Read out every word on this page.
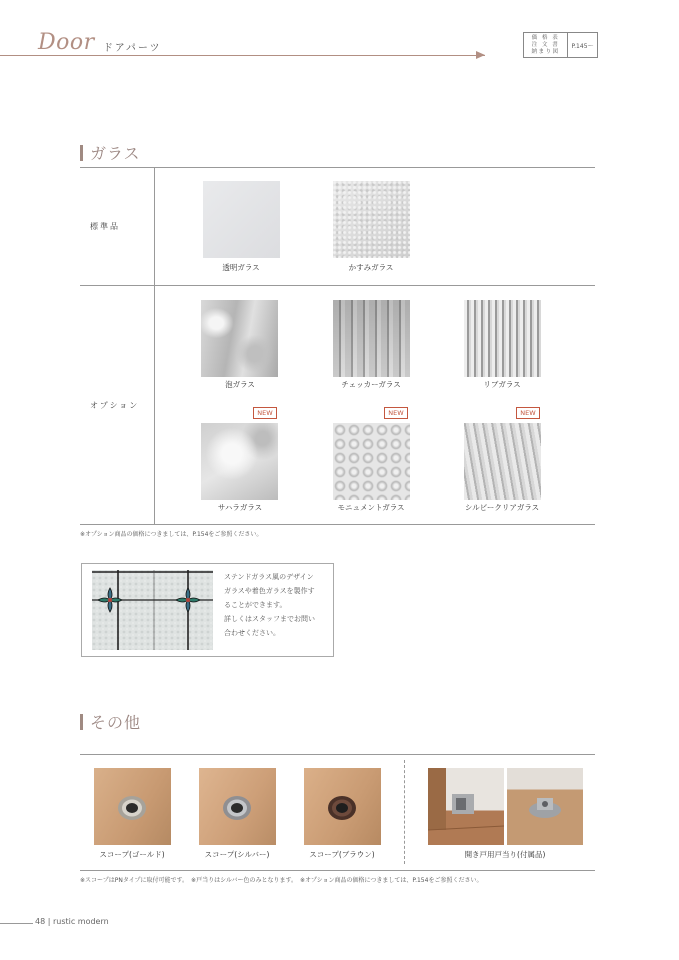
Door ドアパーツ
価 格 表
注 文 書
納まり図
P.145～
ガラス
標準品
オプション
透明ガラス	かすみガラス
泡ガラス	チェッカーガラス	リブガラス
NEW	NEW	NEW
サハラガラス	モニュメントガラス	シルビークリアガラス
※オプション商品の価格につきましては、P.154をご参照ください。
ステンドガラス風のデザイン
ガラスや着色ガラスを製作す
ることができます。
詳しくはスタッフまでお問い
合わせください。
その他
スコープ(ゴールド)	スコープ(シルバー)	スコープ(ブラウン)	開き戸用戸当り(付属品)
※スコープはPNタイプに取付可能です。　※戸当りはシルバー色のみとなります。　※オプション商品の価格につきましては、P.154をご参照ください。
48 | rustic modern
